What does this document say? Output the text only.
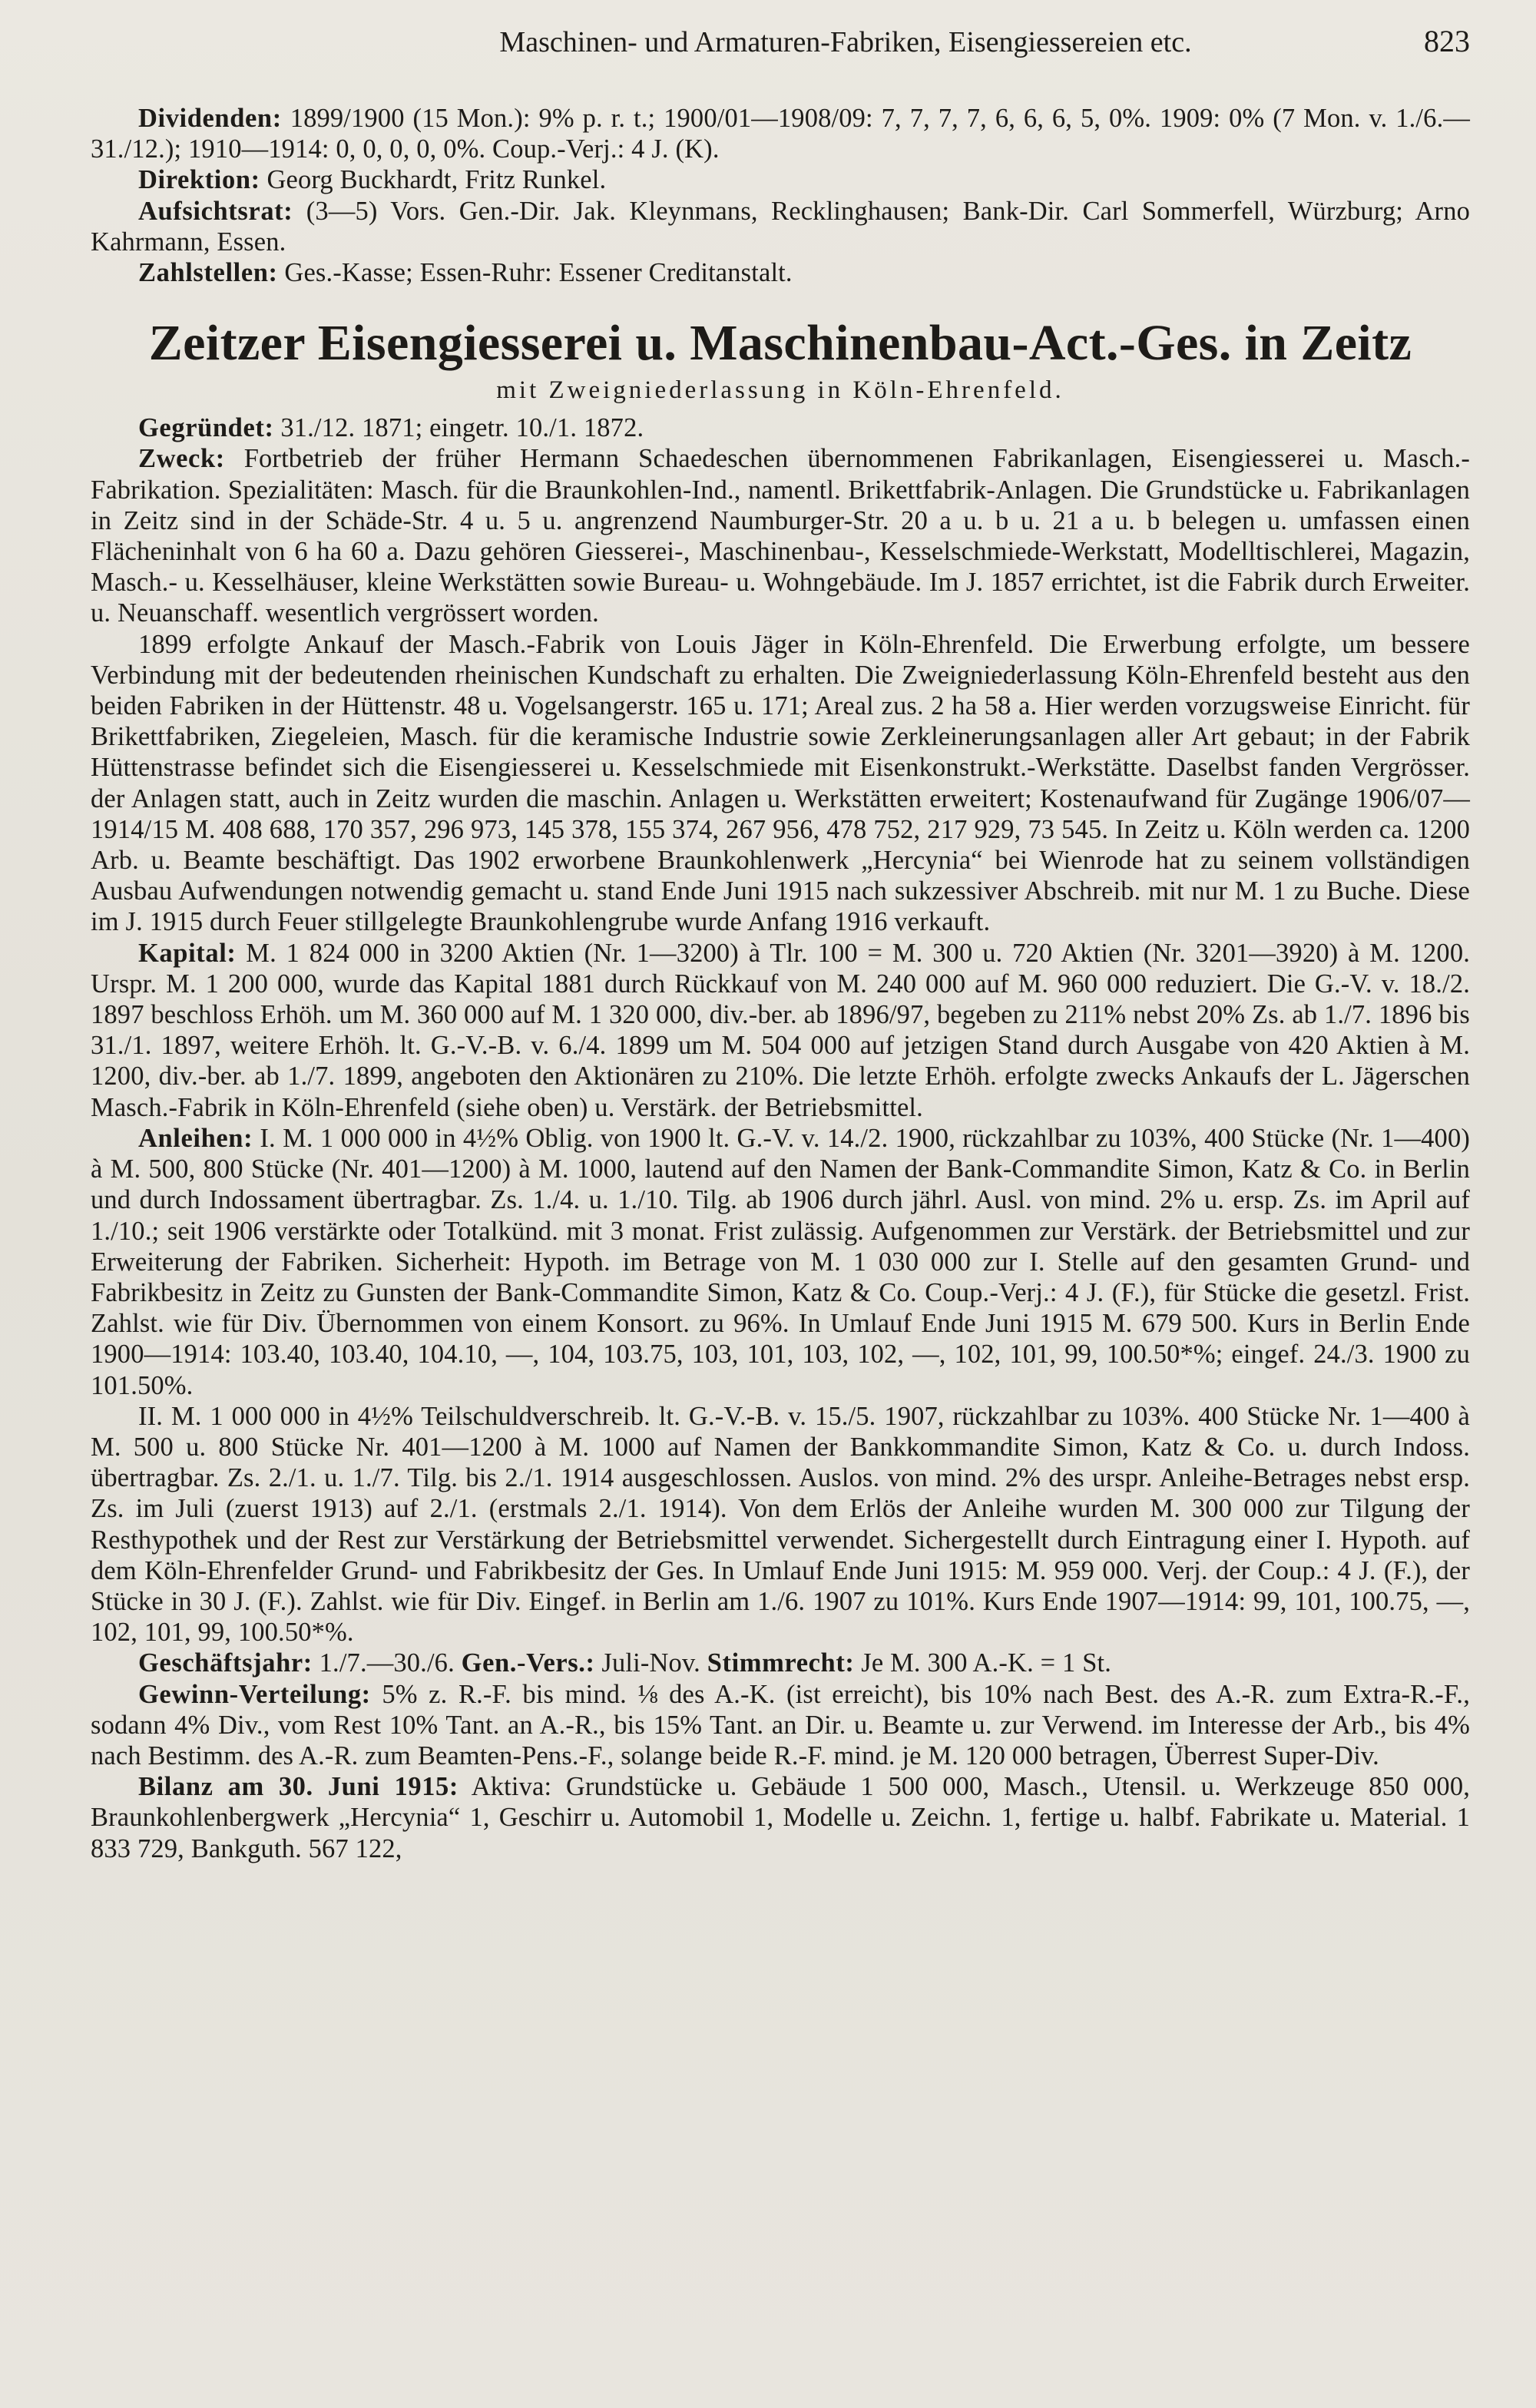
Maschinen- und Armaturen-Fabriken, Eisengiessereien etc.	823

Dividenden: 1899/1900 (15 Mon.): 9% p. r. t.; 1900/01—1908/09: 7, 7, 7, 7, 6, 6, 6, 5, 0%. 1909: 0% (7 Mon. v. 1./6.—31./12.); 1910—1914: 0, 0, 0, 0, 0%. Coup.-Verj.: 4 J. (K).

Direktion: Georg Buckhardt, Fritz Runkel.

Aufsichtsrat: (3—5) Vors. Gen.-Dir. Jak. Kleynmans, Recklinghausen; Bank-Dir. Carl Sommerfell, Würzburg; Arno Kahrmann, Essen.

Zahlstellen: Ges.-Kasse; Essen-Ruhr: Essener Creditanstalt.

Zeitzer Eisengiesserei u. Maschinenbau-Act.-Ges. in Zeitz
mit Zweigniederlassung in Köln-Ehrenfeld.

Gegründet: 31./12. 1871; eingetr. 10./1. 1872.

Zweck: Fortbetrieb der früher Hermann Schaedeschen übernommenen Fabrikanlagen, Eisengiesserei u. Masch.-Fabrikation. Spezialitäten: Masch. für die Braunkohlen-Ind., namentl. Brikettfabrik-Anlagen. Die Grundstücke u. Fabrikanlagen in Zeitz sind in der Schäde-Str. 4 u. 5 u. angrenzend Naumburger-Str. 20 a u. b u. 21 a u. b belegen u. umfassen einen Flächeninhalt von 6 ha 60 a. Dazu gehören Giesserei-, Maschinenbau-, Kesselschmiede-Werkstatt, Modelltischlerei, Magazin, Masch.- u. Kesselhäuser, kleine Werkstätten sowie Bureau- u. Wohngebäude. Im J. 1857 errichtet, ist die Fabrik durch Erweiter. u. Neuanschaff. wesentlich vergrössert worden.

1899 erfolgte Ankauf der Masch.-Fabrik von Louis Jäger in Köln-Ehrenfeld. Die Erwerbung erfolgte, um bessere Verbindung mit der bedeutenden rheinischen Kundschaft zu erhalten. Die Zweigniederlassung Köln-Ehrenfeld besteht aus den beiden Fabriken in der Hüttenstr. 48 u. Vogelsangerstr. 165 u. 171; Areal zus. 2 ha 58 a. Hier werden vorzugsweise Einricht. für Brikettfabriken, Ziegeleien, Masch. für die keramische Industrie sowie Zerkleinerungsanlagen aller Art gebaut; in der Fabrik Hüttenstrasse befindet sich die Eisengiesserei u. Kesselschmiede mit Eisenkonstrukt.-Werkstätte. Daselbst fanden Vergrösser. der Anlagen statt, auch in Zeitz wurden die maschin. Anlagen u. Werkstätten erweitert; Kostenaufwand für Zugänge 1906/07—1914/15 M. 408 688, 170 357, 296 973, 145 378, 155 374, 267 956, 478 752, 217 929, 73 545. In Zeitz u. Köln werden ca. 1200 Arb. u. Beamte beschäftigt. Das 1902 erworbene Braunkohlenwerk „Hercynia“ bei Wienrode hat zu seinem vollständigen Ausbau Aufwendungen notwendig gemacht u. stand Ende Juni 1915 nach sukzessiver Abschreib. mit nur M. 1 zu Buche. Diese im J. 1915 durch Feuer stillgelegte Braunkohlengrube wurde Anfang 1916 verkauft.

Kapital: M. 1 824 000 in 3200 Aktien (Nr. 1—3200) à Tlr. 100 = M. 300 u. 720 Aktien (Nr. 3201—3920) à M. 1200. Urspr. M. 1 200 000, wurde das Kapital 1881 durch Rückkauf von M. 240 000 auf M. 960 000 reduziert. Die G.-V. v. 18./2. 1897 beschloss Erhöh. um M. 360 000 auf M. 1 320 000, div.-ber. ab 1896/97, begeben zu 211% nebst 20% Zs. ab 1./7. 1896 bis 31./1. 1897, weitere Erhöh. lt. G.-V.-B. v. 6./4. 1899 um M. 504 000 auf jetzigen Stand durch Ausgabe von 420 Aktien à M. 1200, div.-ber. ab 1./7. 1899, angeboten den Aktionären zu 210%. Die letzte Erhöh. erfolgte zwecks Ankaufs der L. Jägerschen Masch.-Fabrik in Köln-Ehrenfeld (siehe oben) u. Verstärk. der Betriebsmittel.

Anleihen: I. M. 1 000 000 in 4½% Oblig. von 1900 lt. G.-V. v. 14./2. 1900, rückzahlbar zu 103%, 400 Stücke (Nr. 1—400) à M. 500, 800 Stücke (Nr. 401—1200) à M. 1000, lautend auf den Namen der Bank-Commandite Simon, Katz & Co. in Berlin und durch Indossament übertragbar. Zs. 1./4. u. 1./10. Tilg. ab 1906 durch jährl. Ausl. von mind. 2% u. ersp. Zs. im April auf 1./10.; seit 1906 verstärkte oder Totalkünd. mit 3 monat. Frist zulässig. Aufgenommen zur Verstärk. der Betriebsmittel und zur Erweiterung der Fabriken. Sicherheit: Hypoth. im Betrage von M. 1 030 000 zur I. Stelle auf den gesamten Grund- und Fabrikbesitz in Zeitz zu Gunsten der Bank-Commandite Simon, Katz & Co. Coup.-Verj.: 4 J. (F.), für Stücke die gesetzl. Frist. Zahlst. wie für Div. Übernommen von einem Konsort. zu 96%. In Umlauf Ende Juni 1915 M. 679 500. Kurs in Berlin Ende 1900—1914: 103.40, 103.40, 104.10, —, 104, 103.75, 103, 101, 103, 102, —, 102, 101, 99, 100.50*%; eingef. 24./3. 1900 zu 101.50%.

II. M. 1 000 000 in 4½% Teilschuldverschreib. lt. G.-V.-B. v. 15./5. 1907, rückzahlbar zu 103%. 400 Stücke Nr. 1—400 à M. 500 u. 800 Stücke Nr. 401—1200 à M. 1000 auf Namen der Bankkommandite Simon, Katz & Co. u. durch Indoss. übertragbar. Zs. 2./1. u. 1./7. Tilg. bis 2./1. 1914 ausgeschlossen. Auslos. von mind. 2% des urspr. Anleihe-Betrages nebst ersp. Zs. im Juli (zuerst 1913) auf 2./1. (erstmals 2./1. 1914). Von dem Erlös der Anleihe wurden M. 300 000 zur Tilgung der Resthypothek und der Rest zur Verstärkung der Betriebsmittel verwendet. Sichergestellt durch Eintragung einer I. Hypoth. auf dem Köln-Ehrenfelder Grund- und Fabrikbesitz der Ges. In Umlauf Ende Juni 1915: M. 959 000. Verj. der Coup.: 4 J. (F.), der Stücke in 30 J. (F.). Zahlst. wie für Div. Eingef. in Berlin am 1./6. 1907 zu 101%. Kurs Ende 1907—1914: 99, 101, 100.75, —, 102, 101, 99, 100.50*%.

Geschäftsjahr: 1./7.—30./6. Gen.-Vers.: Juli-Nov. Stimmrecht: Je M. 300 A.-K. = 1 St.

Gewinn-Verteilung: 5% z. R.-F. bis mind. ⅛ des A.-K. (ist erreicht), bis 10% nach Best. des A.-R. zum Extra-R.-F., sodann 4% Div., vom Rest 10% Tant. an A.-R., bis 15% Tant. an Dir. u. Beamte u. zur Verwend. im Interesse der Arb., bis 4% nach Bestimm. des A.-R. zum Beamten-Pens.-F., solange beide R.-F. mind. je M. 120 000 betragen, Überrest Super-Div.

Bilanz am 30. Juni 1915: Aktiva: Grundstücke u. Gebäude 1 500 000, Masch., Utensil. u. Werkzeuge 850 000, Braunkohlenbergwerk „Hercynia“ 1, Geschirr u. Automobil 1, Modelle u. Zeichn. 1, fertige u. halbf. Fabrikate u. Material. 1 833 729, Bankguth. 567 122,
